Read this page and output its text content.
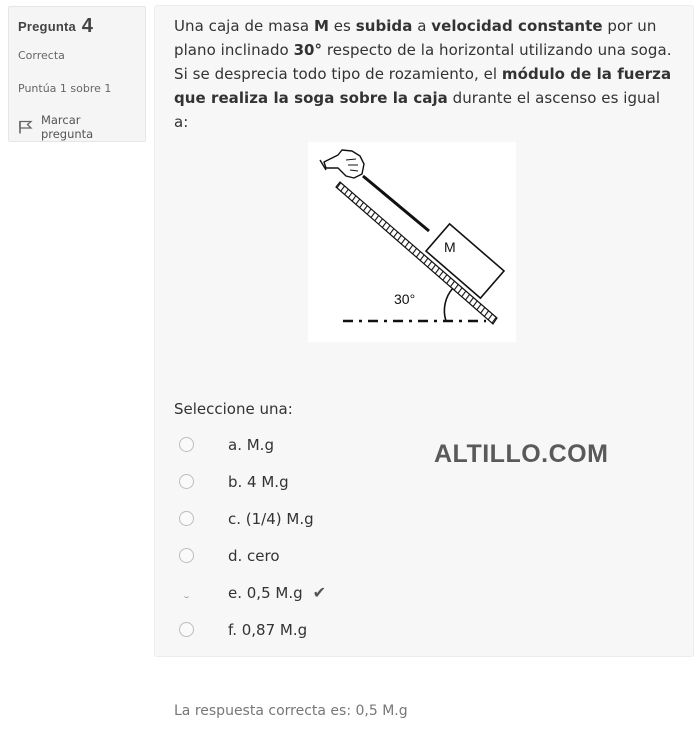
Pregunta 4
Correcta
Puntúa 1 sobre 1
Marcar pregunta
Una caja de masa M es subida a velocidad constante por un plano inclinado 30° respecto de la horizontal utilizando una soga. Si se desprecia todo tipo de rozamiento, el módulo de la fuerza que realiza la soga sobre la caja durante el ascenso es igual a:
30°
M
Seleccione una:
a. M.g
b. 4 M.g
c. (1/4) M.g
d. cero
e. 0,5 M.g ✔
f. 0,87 M.g
ALTILLO.COM
La respuesta correcta es: 0,5 M.g
